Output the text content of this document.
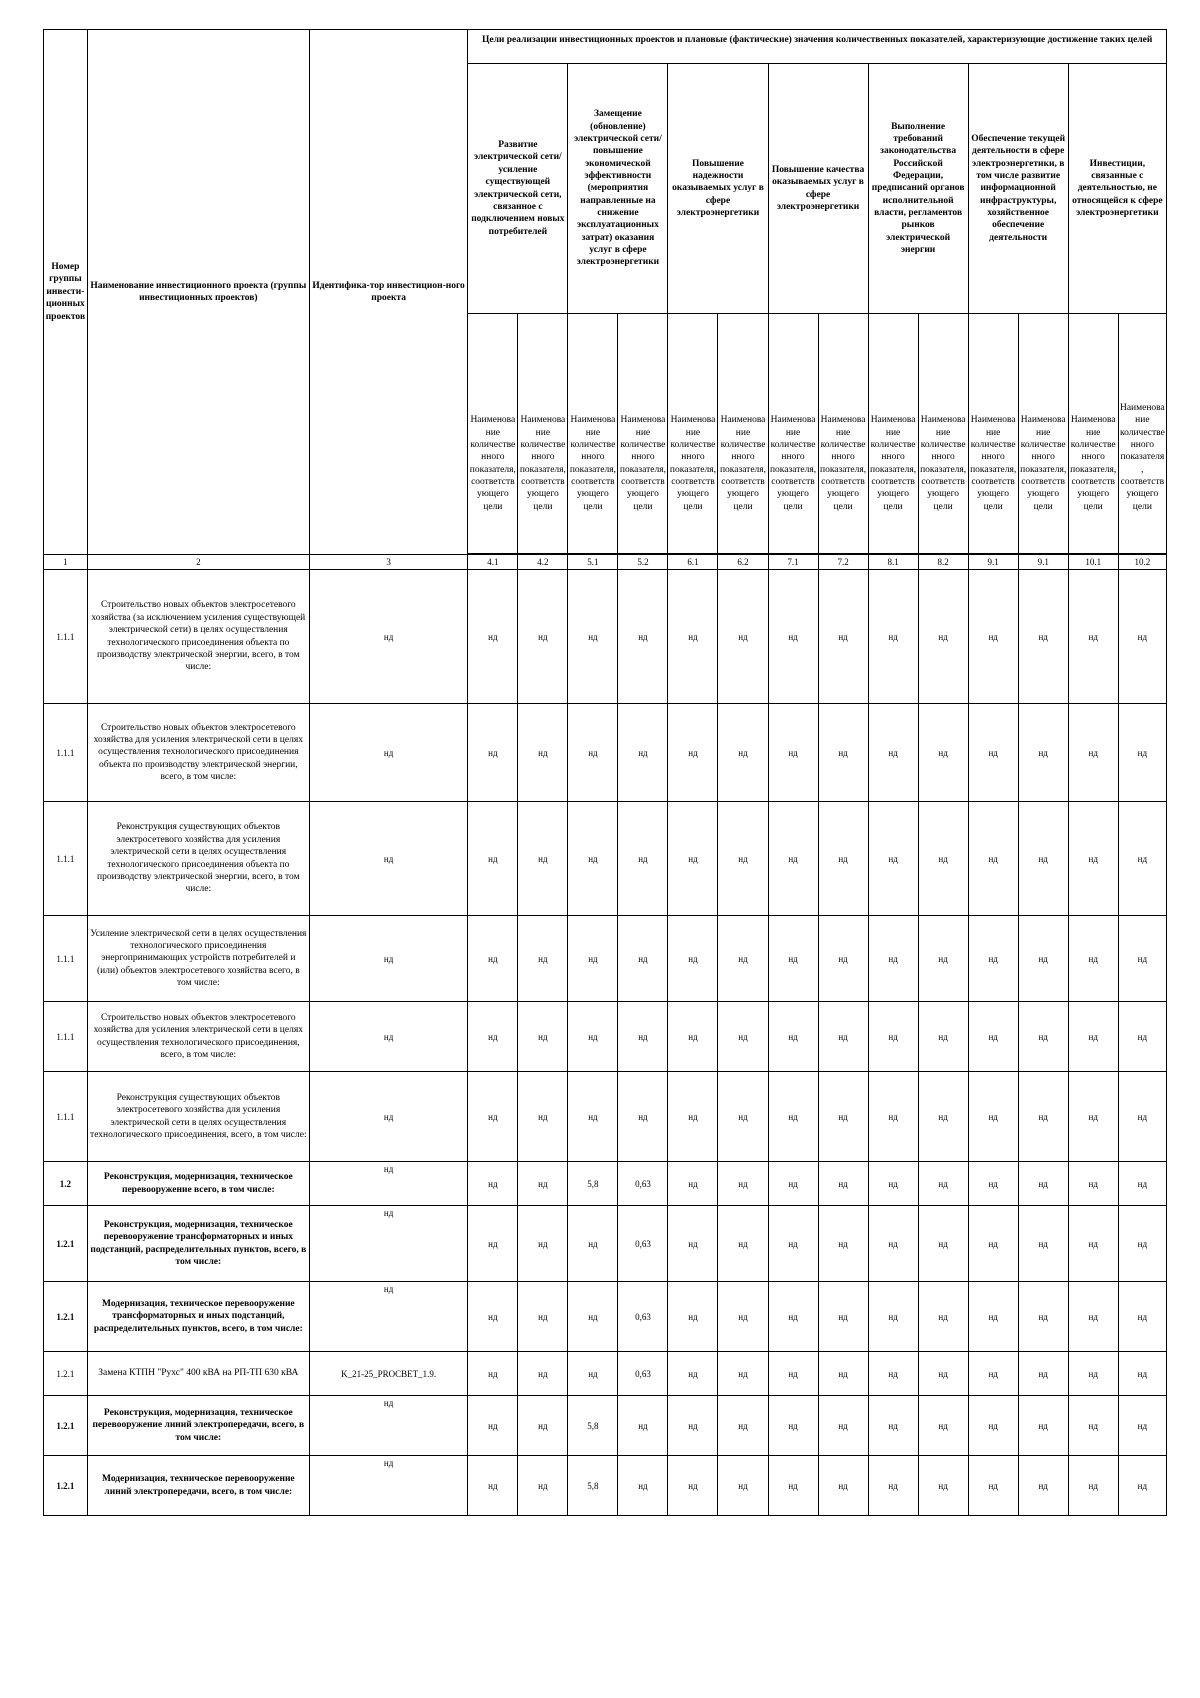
Номер группы инвести-ционных проектов	Наименование инвестиционного проекта (группы инвестиционных проектов)	Идентифика-тор инвестицион-ного проекта	Цели реализации инвестиционных проектов и плановые (фактические) значения количественных показателей, характеризующие достижение таких целей													
			Развитие электрической сети/усиление существующей электрической сети, связанное с подключением новых потребителей		Замещение (обновление) электрической сети/повышение экономической эффективности (мероприятия направленные на снижение эксплуатационных затрат) оказания услуг в сфере электроэнергетики		Повышение надежности оказываемых услуг в сфере электроэнергетики		Повышение качества оказываемых услуг в сфере электроэнергетики		Выполнение требований законодательства Российской Федерации, предписаний органов исполнительной власти, регламентов рынков электрической энергии		Обеспечение текущей деятельности в сфере электроэнергетики, в том числе развитие информационной инфраструктуры, хозяйственное обеспечение деятельности		Инвестиции, связанные с деятельностью, не относящейся к сфере электроэнергетики	
			Наименование количественного показателя, соответствующего цели	Наименование количественного показателя, соответствующего цели	Наименование количественного показателя, соответствующего цели	Наименование количественного показателя, соответствующего цели	Наименование количественного показателя, соответствующего цели	Наименование количественного показателя, соответствующего цели	Наименование количественного показателя, соответствующего цели	Наименование количественного показателя, соответствующего цели	Наименование количественного показателя, соответствующего цели	Наименование количественного показателя, соответствующего цели	Наименование количественного показателя, соответствующего цели	Наименование количественного показателя, соответствующего цели	Наименование количественного показателя, соответствующего цели	Наименование количественного показателя, соответствующего цели

1	2	3	4.1	4.2	5.1	5.2	6.1	6.2	7.1	7.2	8.1	8.2	9.1	9.1	10.1	10.2
1.1.1	Строительство новых объектов электросетевого хозяйства (за исключением усиления существующей электрической сети) в целях осуществления технологического присоединения объекта по производству электрической энергии, всего, в том числе:	нд	нд	нд	нд	нд	нд	нд	нд	нд	нд	нд	нд	нд	нд	нд
1.1.1	Строительство новых объектов электросетевого хозяйства для усиления электрической сети в целях осуществления технологического присоединения объекта по производству электрической энергии, всего, в том числе:	нд	нд	нд	нд	нд	нд	нд	нд	нд	нд	нд	нд	нд	нд	нд
1.1.1	Реконструкция существующих объектов электросетевого хозяйства для усиления электрической сети в целях осуществления технологического присоединения объекта по производству электрической энергии, всего, в том числе:	нд	нд	нд	нд	нд	нд	нд	нд	нд	нд	нд	нд	нд	нд	нд
1.1.1	Усиление электрической сети в целях осуществления технологического присоединения энергопринимающих устройств потребителей и (или) объектов электросетевого хозяйства всего, в том числе:	нд	нд	нд	нд	нд	нд	нд	нд	нд	нд	нд	нд	нд	нд	нд
1.1.1	Строительство новых объектов электросетевого хозяйства для усиления электрической сети в целях осуществления технологического присоединения, всего, в том числе:	нд	нд	нд	нд	нд	нд	нд	нд	нд	нд	нд	нд	нд	нд	нд
1.1.1	Реконструкция существующих объектов электросетевого хозяйства для усиления электрической сети в целях осуществления технологического присоединения, всего, в том числе:	нд	нд	нд	нд	нд	нд	нд	нд	нд	нд	нд	нд	нд	нд	нд
1.2	Реконструкция, модернизация, техническое перевооружение всего, в том числе:	нд	нд	нд	5,8	0,63	нд	нд	нд	нд	нд	нд	нд	нд	нд	нд
1.2.1	Реконструкция, модернизация, техническое перевооружение трансформаторных и иных подстанций, распределительных пунктов, всего, в том числе:	нд	нд	нд	нд	0,63	нд	нд	нд	нд	нд	нд	нд	нд	нд	нд
1.2.1	Модернизация, техническое перевооружение трансформаторных и иных подстанций, распределительных пунктов, всего, в том числе:	нд	нд	нд	нд	0,63	нд	нд	нд	нд	нд	нд	нд	нд	нд	нд
1.2.1	Замена КТПН "Рухс" 400 кВА на РП-ТП 630 кВА	K_21-25_PROCBET_1.9.	нд	нд	нд	0,63	нд	нд	нд	нд	нд	нд	нд	нд	нд	нд
1.2.1	Реконструкция, модернизация, техническое перевооружение линий электропередачи, всего, в том числе:	нд	нд	нд	5,8	нд	нд	нд	нд	нд	нд	нд	нд	нд	нд	нд
1.2.1	Модернизация, техническое перевооружение линий электропередачи, всего, в том числе:	нд	нд	нд	5,8	нд	нд	нд	нд	нд	нд	нд	нд	нд	нд	нд
